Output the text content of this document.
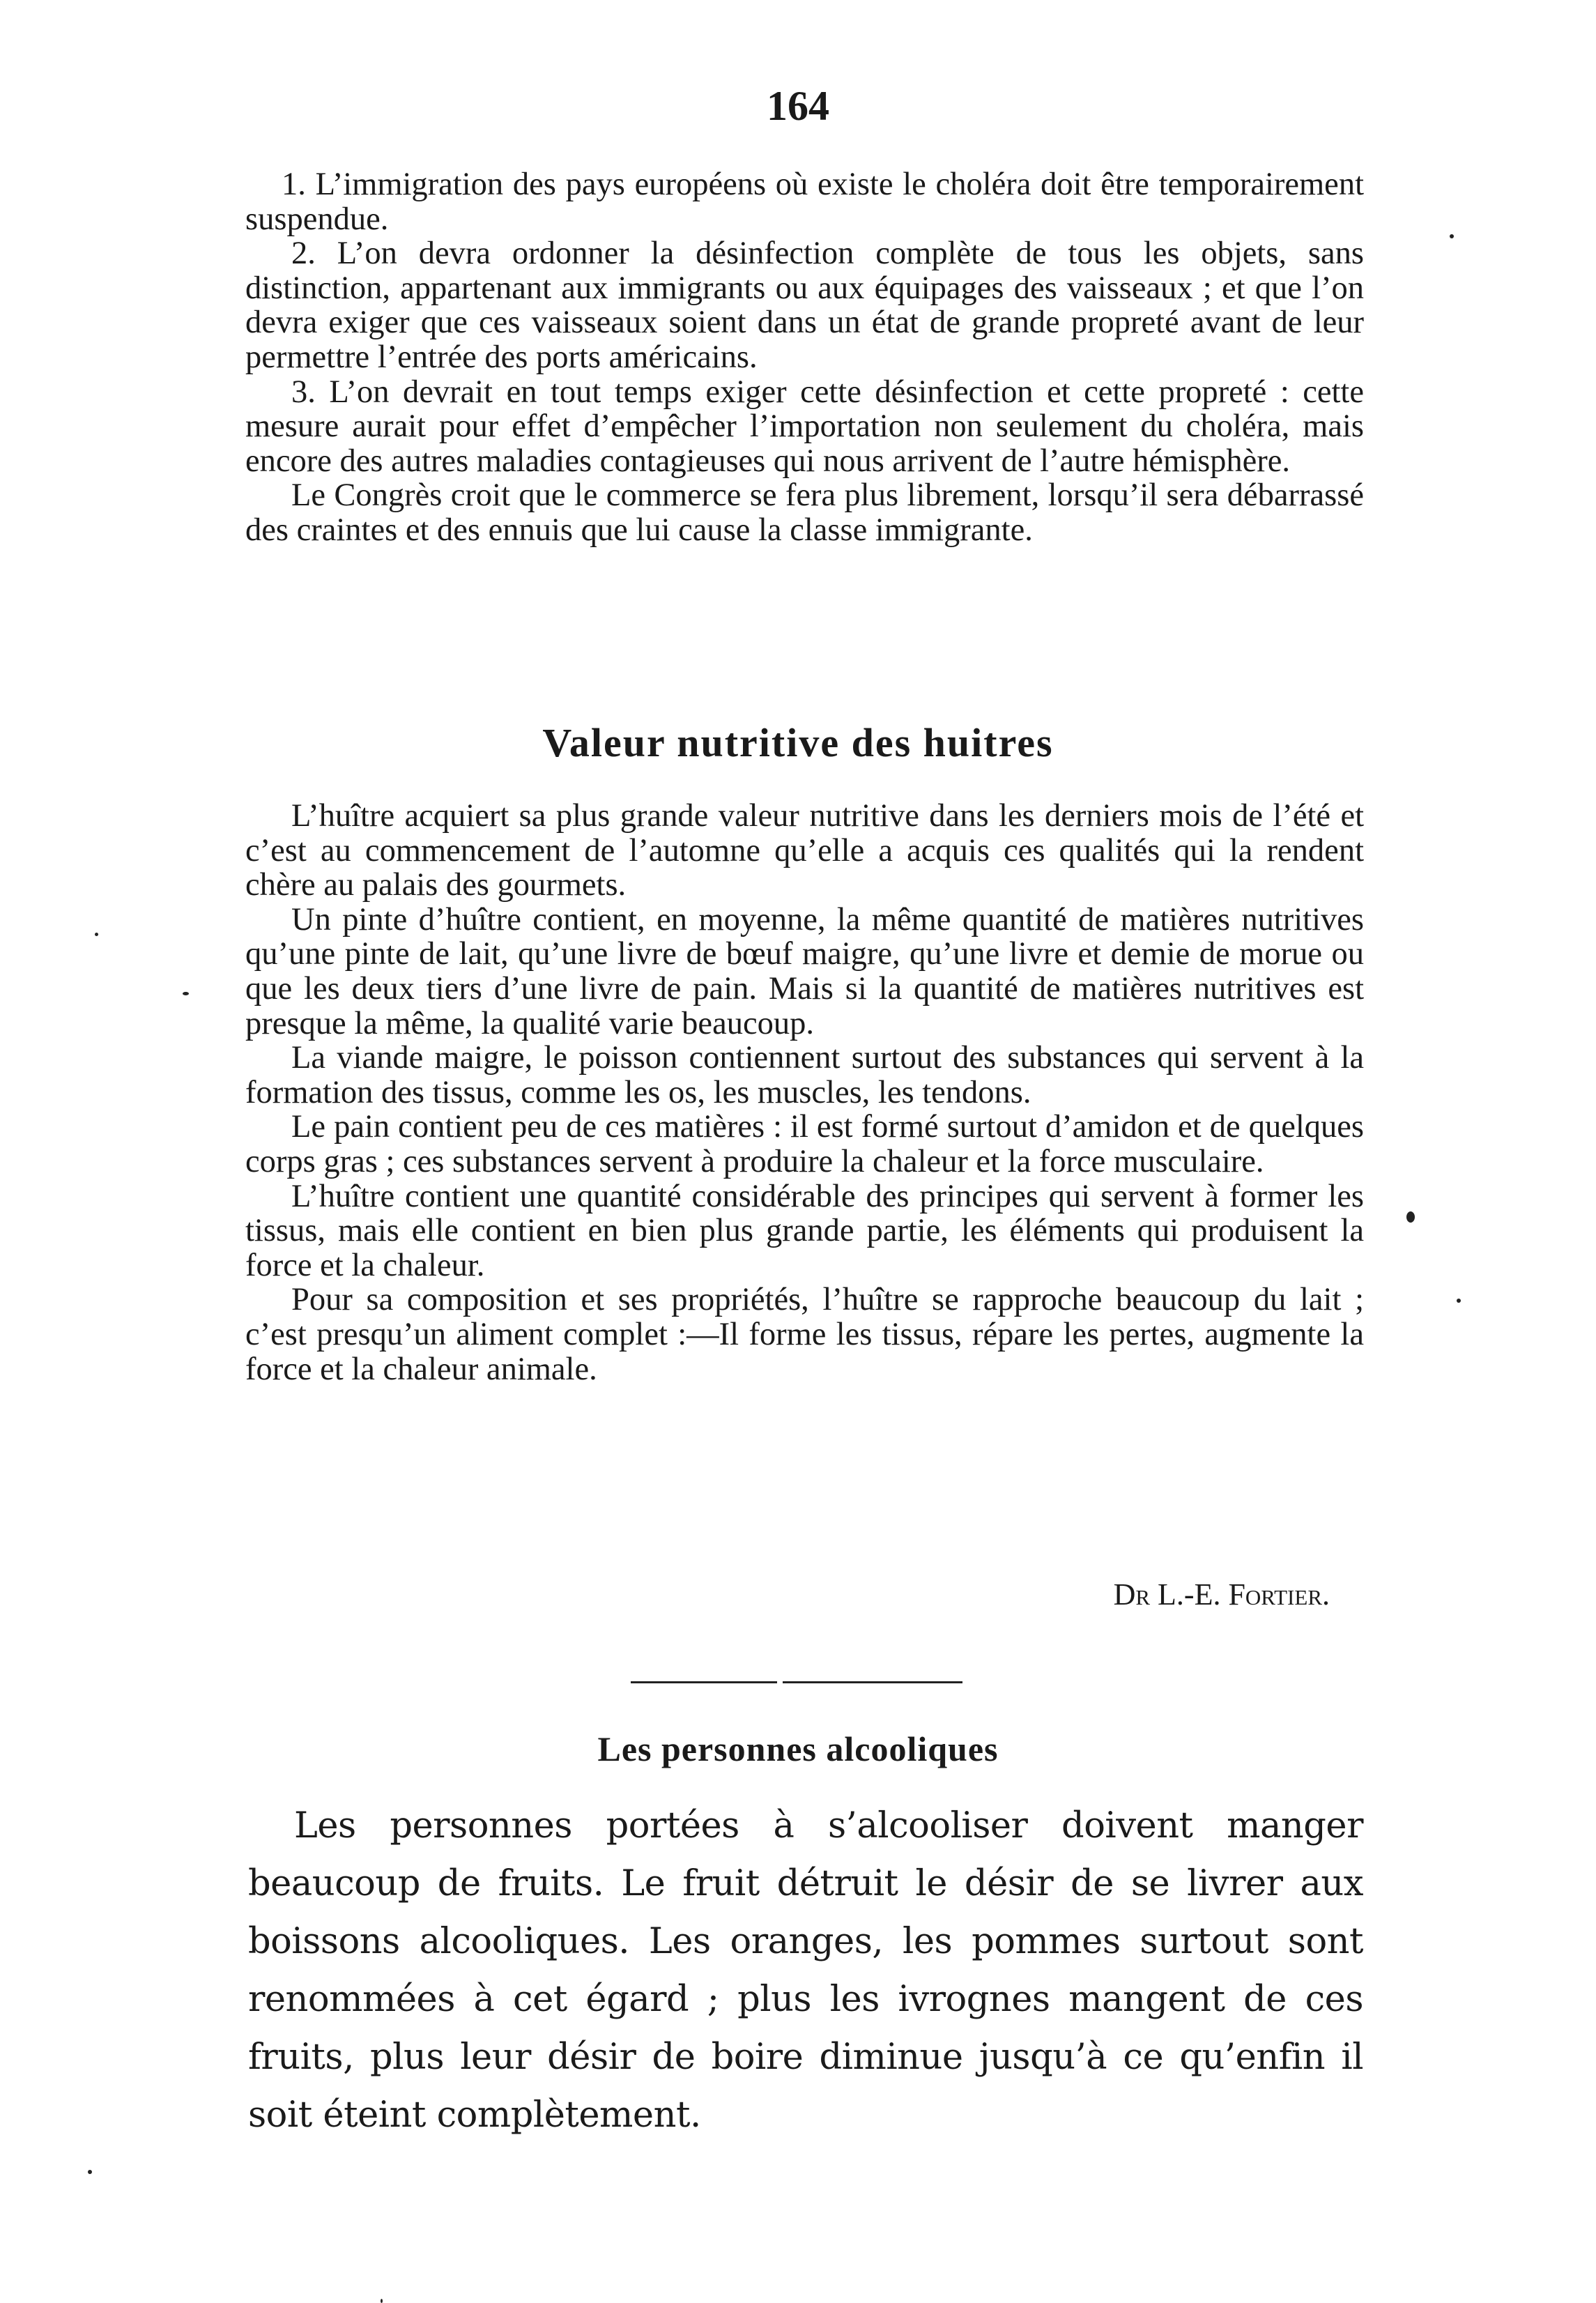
164

1. L’immigration des pays européens où existe le choléra doit être temporairement suspendue.

2. L’on devra ordonner la désinfection complète de tous les objets, sans distinction, appartenant aux immigrants ou aux équipages des vaisseaux ; et que l’on devra exiger que ces vaisseaux soient dans un état de grande propreté avant de leur permettre l’entrée des ports américains.

3. L’on devrait en tout temps exiger cette désinfection et cette propreté : cette mesure aurait pour effet d’empêcher l’importation non seulement du choléra, mais encore des autres maladies contagieuses qui nous arrivent de l’autre hémisphère.

Le Congrès croit que le commerce se fera plus librement, lorsqu’il sera débarrassé des craintes et des ennuis que lui cause la classe immigrante.

Valeur nutritive des huitres

L’huître acquiert sa plus grande valeur nutritive dans les derniers mois de l’été et c’est au commencement de l’automne qu’elle a acquis ces qualités qui la rendent chère au palais des gourmets.

Un pinte d’huître contient, en moyenne, la même quantité de matières nutritives qu’une pinte de lait, qu’une livre de bœuf maigre, qu’une livre et demie de morue ou que les deux tiers d’une livre de pain. Mais si la quantité de matières nutritives est presque la même, la qualité varie beaucoup.

La viande maigre, le poisson contiennent surtout des substances qui servent à la formation des tissus, comme les os, les muscles, les tendons.

Le pain contient peu de ces matières : il est formé surtout d’amidon et de quelques corps gras ; ces substances servent à produire la chaleur et la force musculaire.

L’huître contient une quantité considérable des principes qui servent à former les tissus, mais elle contient en bien plus grande partie, les éléments qui produisent la force et la chaleur.

Pour sa composition et ses propriétés, l’huître se rapproche beaucoup du lait ; c’est presqu’un aliment complet :—Il forme les tissus, répare les pertes, augmente la force et la chaleur animale.

Dr L.-E. Fortier.

Les personnes alcooliques

Les personnes portées à s’alcooliser doivent manger beaucoup de fruits. Le fruit détruit le désir de se livrer aux boissons alcooliques. Les oranges, les pommes surtout sont renommées à cet égard ; plus les ivrognes mangent de ces fruits, plus leur désir de boire diminue jusqu’à ce qu’enfin il soit éteint complètement.
